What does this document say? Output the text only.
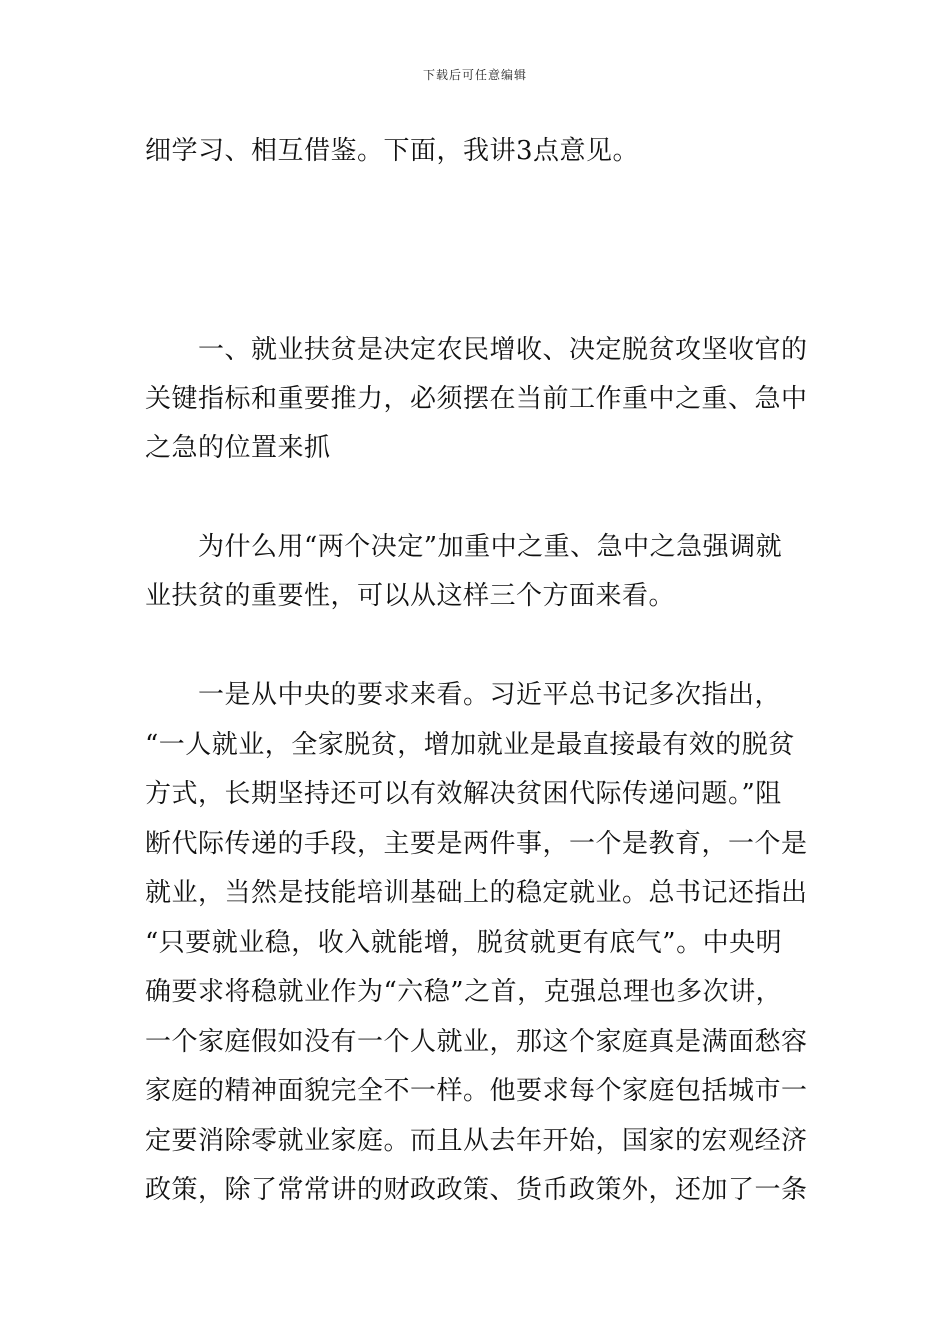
下载后可任意编辑
细学习、相互借鉴。下面，我讲3点意见。
一、就业扶贫是决定农民增收、决定脱贫攻坚收官的
关键指标和重要推力，必须摆在当前工作重中之重、急中
之急的位置来抓
为什么用“两个决定”加重中之重、急中之急强调就
业扶贫的重要性，可以从这样三个方面来看。
一是从中央的要求来看。习近平总书记多次指出，
“一人就业，全家脱贫，增加就业是最直接最有效的脱贫
方式，长期坚持还可以有效解决贫困代际传递问题。”阻
断代际传递的手段，主要是两件事，一个是教育，一个是
就业，当然是技能培训基础上的稳定就业。总书记还指出
“只要就业稳，收入就能增，脱贫就更有底气”。中央明
确要求将稳就业作为“六稳”之首，克强总理也多次讲，
一个家庭假如没有一个人就业，那这个家庭真是满面愁容
家庭的精神面貌完全不一样。他要求每个家庭包括城市一
定要消除零就业家庭。而且从去年开始，国家的宏观经济
政策，除了常常讲的财政政策、货币政策外，还加了一条
